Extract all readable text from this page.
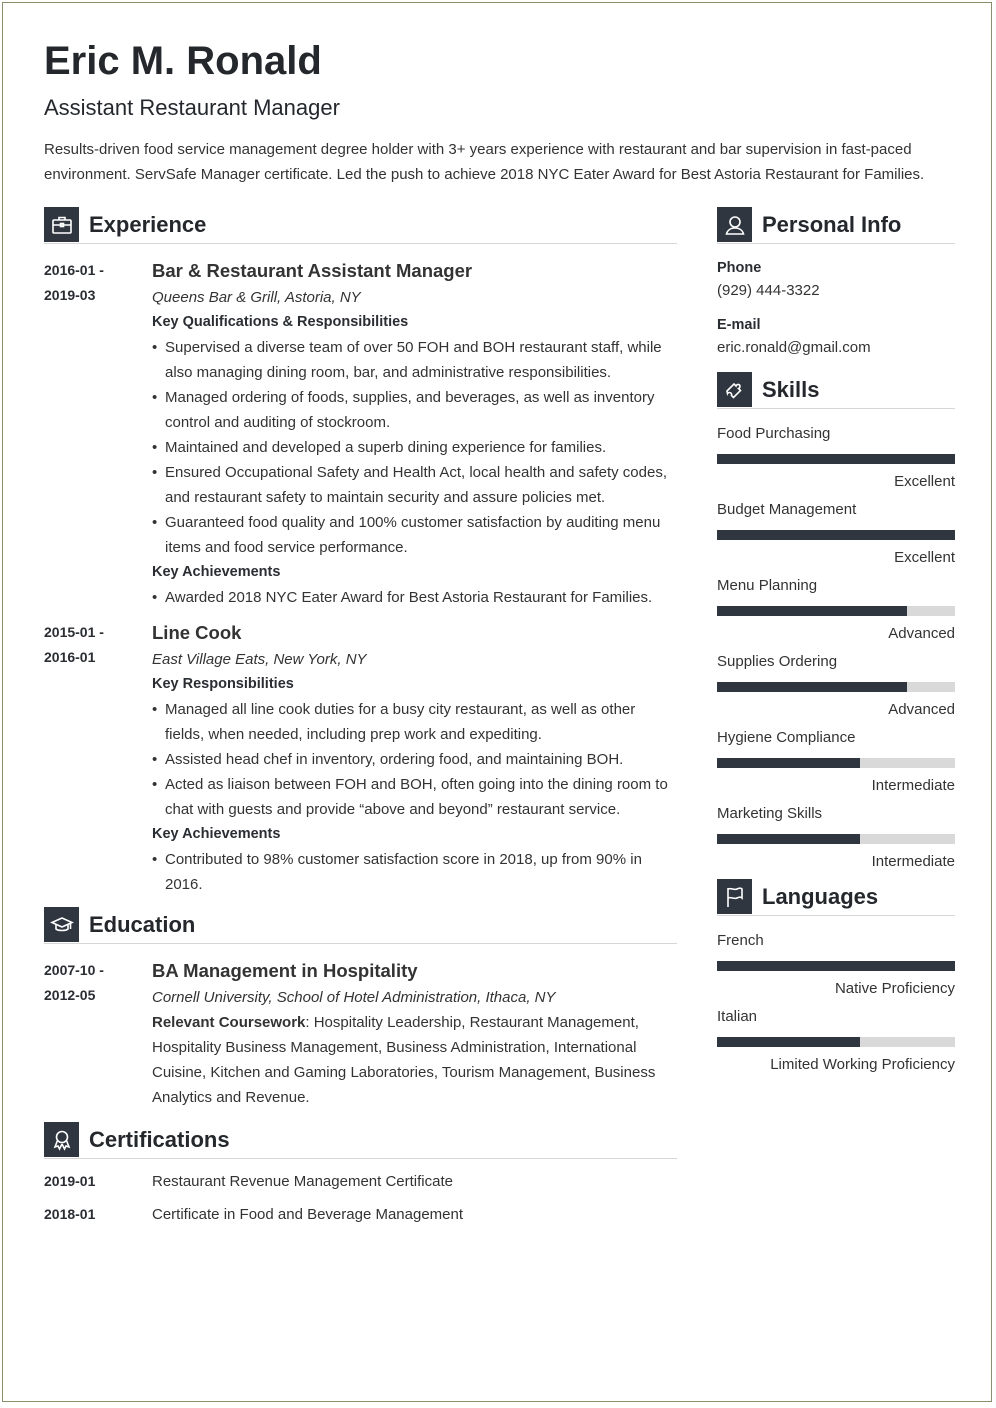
Eric M. Ronald
Assistant Restaurant Manager
Results-driven food service management degree holder with 3+ years experience with restaurant and bar supervision in fast-paced environment. ServSafe Manager certificate. Led the push to achieve 2018 NYC Eater Award for Best Astoria Restaurant for Families.
Experience
2016-01 -
2019-03
Bar & Restaurant Assistant Manager
Queens Bar & Grill, Astoria, NY
Key Qualifications & Responsibilities
• Supervised a diverse team of over 50 FOH and BOH restaurant staff, while also managing dining room, bar, and administrative responsibilities.
• Managed ordering of foods, supplies, and beverages, as well as inventory control and auditing of stockroom.
• Maintained and developed a superb dining experience for families.
• Ensured Occupational Safety and Health Act, local health and safety codes, and restaurant safety to maintain security and assure policies met.
• Guaranteed food quality and 100% customer satisfaction by auditing menu items and food service performance.
Key Achievements
• Awarded 2018 NYC Eater Award for Best Astoria Restaurant for Families.
2015-01 -
2016-01
Line Cook
East Village Eats, New York, NY
Key Responsibilities
• Managed all line cook duties for a busy city restaurant, as well as other fields, when needed, including prep work and expediting.
• Assisted head chef in inventory, ordering food, and maintaining BOH.
• Acted as liaison between FOH and BOH, often going into the dining room to chat with guests and provide “above and beyond” restaurant service.
Key Achievements
• Contributed to 98% customer satisfaction score in 2018, up from 90% in 2016.
Education
2007-10 -
2012-05
BA Management in Hospitality
Cornell University, School of Hotel Administration, Ithaca, NY
Relevant Coursework: Hospitality Leadership, Restaurant Management, Hospitality Business Management, Business Administration, International Cuisine, Kitchen and Gaming Laboratories, Tourism Management, Business Analytics and Revenue.
Certifications
2019-01	Restaurant Revenue Management Certificate
2018-01	Certificate in Food and Beverage Management
Personal Info
Phone
(929) 444-3322
E-mail
eric.ronald@gmail.com
Skills
Food Purchasing
Excellent
Budget Management
Excellent
Menu Planning
Advanced
Supplies Ordering
Advanced
Hygiene Compliance
Intermediate
Marketing Skills
Intermediate
Languages
French
Native Proficiency
Italian
Limited Working Proficiency
